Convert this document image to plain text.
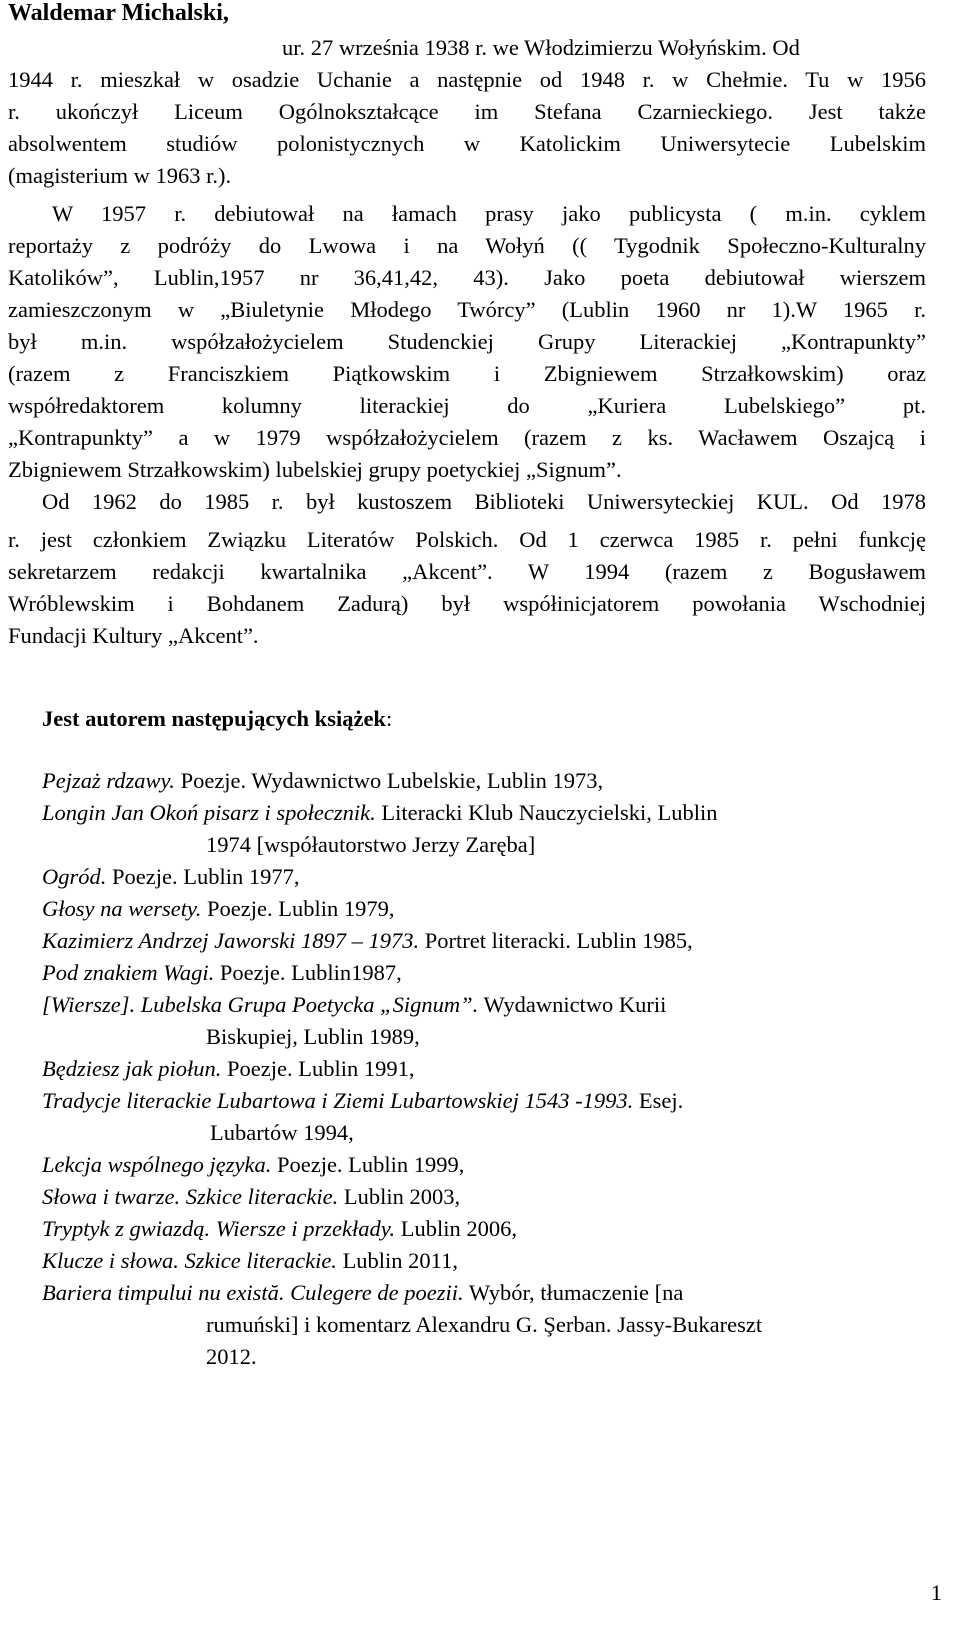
Waldemar Michalski,
ur. 27 września 1938 r. we Włodzimierzu Wołyńskim. Od
1944 r. mieszkał w osadzie Uchanie a następnie od 1948 r. w Chełmie. Tu w 1956
r. ukończył Liceum Ogólnokształcące im Stefana Czarnieckiego. Jest także
absolwentem studiów polonistycznych w Katolickim Uniwersytecie Lubelskim
(magisterium w 1963 r.).
W 1957 r. debiutował na łamach prasy jako publicysta ( m.in. cyklem
reportaży z podróży do Lwowa i na Wołyń (( Tygodnik Społeczno-Kulturalny
Katolików”, Lublin,1957 nr 36,41,42, 43). Jako poeta debiutował wierszem
zamieszczonym w „Biuletynie Młodego Twórcy” (Lublin 1960 nr 1).W 1965 r.
był m.in. współzałożycielem Studenckiej Grupy Literackiej „Kontrapunkty”
(razem z Franciszkiem Piątkowskim i Zbigniewem Strzałkowskim) oraz
współredaktorem kolumny literackiej do „Kuriera Lubelskiego” pt.
„Kontrapunkty” a w 1979 współzałożycielem (razem z ks. Wacławem Oszajcą i
Zbigniewem Strzałkowskim) lubelskiej grupy poetyckiej „Signum”.
Od 1962 do 1985 r. był kustoszem Biblioteki Uniwersyteckiej KUL. Od 1978
r. jest członkiem Związku Literatów Polskich. Od 1 czerwca 1985 r. pełni funkcję
sekretarzem redakcji kwartalnika „Akcent”. W 1994 (razem z Bogusławem
Wróblewskim i Bohdanem Zadurą) był współinicjatorem powołania Wschodniej
Fundacji Kultury „Akcent”.
Jest autorem następujących książek:
Pejzaż rdzawy. Poezje. Wydawnictwo Lubelskie, Lublin 1973,
Longin Jan Okoń pisarz i społecznik. Literacki Klub Nauczycielski, Lublin
1974 [współautorstwo Jerzy Zaręba]
Ogród. Poezje. Lublin 1977,
Głosy na wersety. Poezje. Lublin 1979,
Kazimierz Andrzej Jaworski 1897 – 1973. Portret literacki. Lublin 1985,
Pod znakiem Wagi. Poezje. Lublin1987,
[Wiersze]. Lubelska Grupa Poetycka „Signum”. Wydawnictwo Kurii
Biskupiej, Lublin 1989,
Będziesz jak piołun. Poezje. Lublin 1991,
Tradycje literackie Lubartowa i Ziemi Lubartowskiej 1543 -1993. Esej.
Lubartów 1994,
Lekcja wspólnego języka. Poezje. Lublin 1999,
Słowa i twarze. Szkice literackie. Lublin 2003,
Tryptyk z gwiazdą. Wiersze i przekłady. Lublin 2006,
Klucze i słowa. Szkice literackie. Lublin 2011,
Bariera timpului nu există. Culegere de poezii. Wybór, tłumaczenie [na
rumuński] i komentarz Alexandru G. Şerban. Jassy-Bukareszt
2012.
1
